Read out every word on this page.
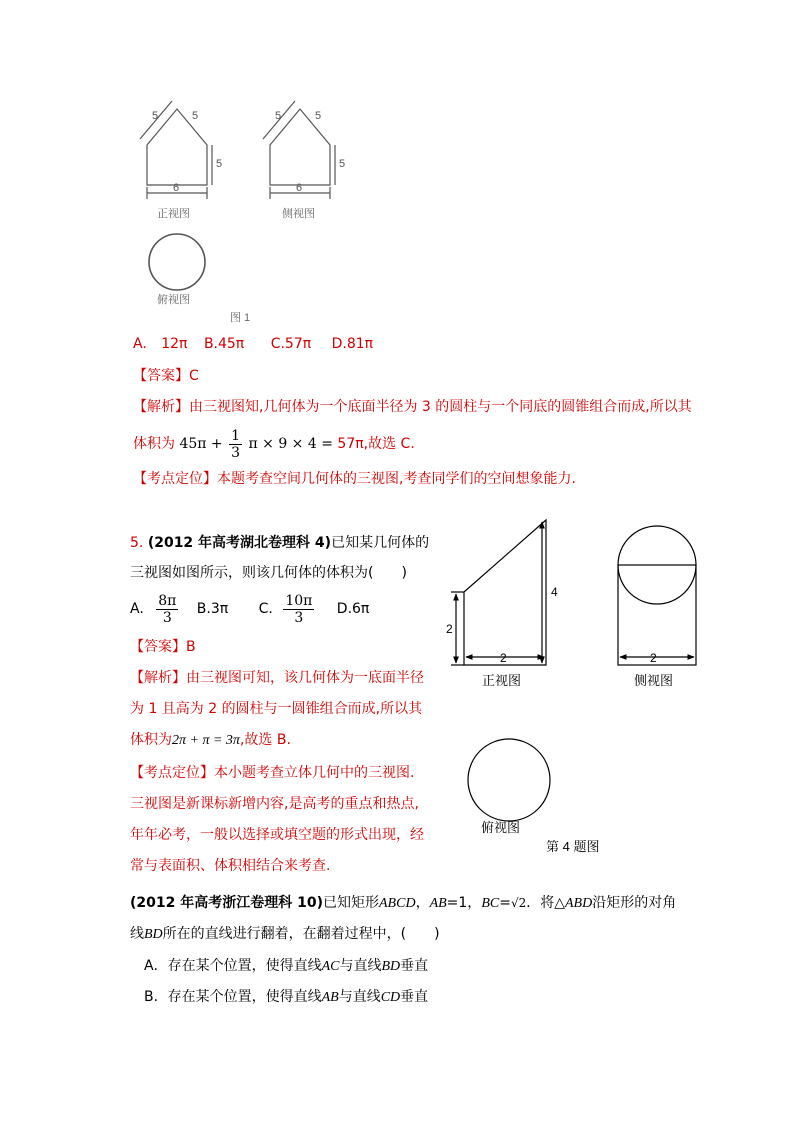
5	5
5
6
5	5
5
6
正视图	侧视图
俯视图
图 1
A. 12π B.45π C.57π D.81π
【答案】C
【解析】由三视图知,几何体为一个底面半径为 3 的圆柱与一个同底的圆锥组合而成,所以其
体积为 $45\pi + \frac{1}{3}$ π × 9 × 4 = 57π,故选 C.
【考点定位】本题考查空间几何体的三视图,考查同学们的空间想象能力.
5. (2012 年高考湖北卷理科 4)已知某几何体的
三视图如图所示，则该几何体的体积为(　　)
A. $\frac{8\pi}{3} B.3\pi$ C. $\frac{10\pi}{3} D.6\pi$
【答案】B
【解析】由三视图可知，该几何体为一底面半径
为 1 且高为 2 的圆柱与一圆锥组合而成,所以其
体积为2π + π = 3π,故选 B.
【考点定位】本小题考查立体几何中的三视图.
三视图是新课标新增内容,是高考的重点和热点,
年年必考，一般以选择或填空题的形式出现，经
常与表面积、体积相结合来考查.
4
2
2	2
正视图	侧视图
俯视图
第 4 题图
(2012 年高考浙江卷理科 10)已知矩形ABCD，AB=1，BC=√2．将△ABD沿矩形的对角
线BD所在的直线进行翻着，在翻着过程中，(　　)
A．存在某个位置，使得直线AC与直线BD垂直
B．存在某个位置，使得直线AB与直线CD垂直
